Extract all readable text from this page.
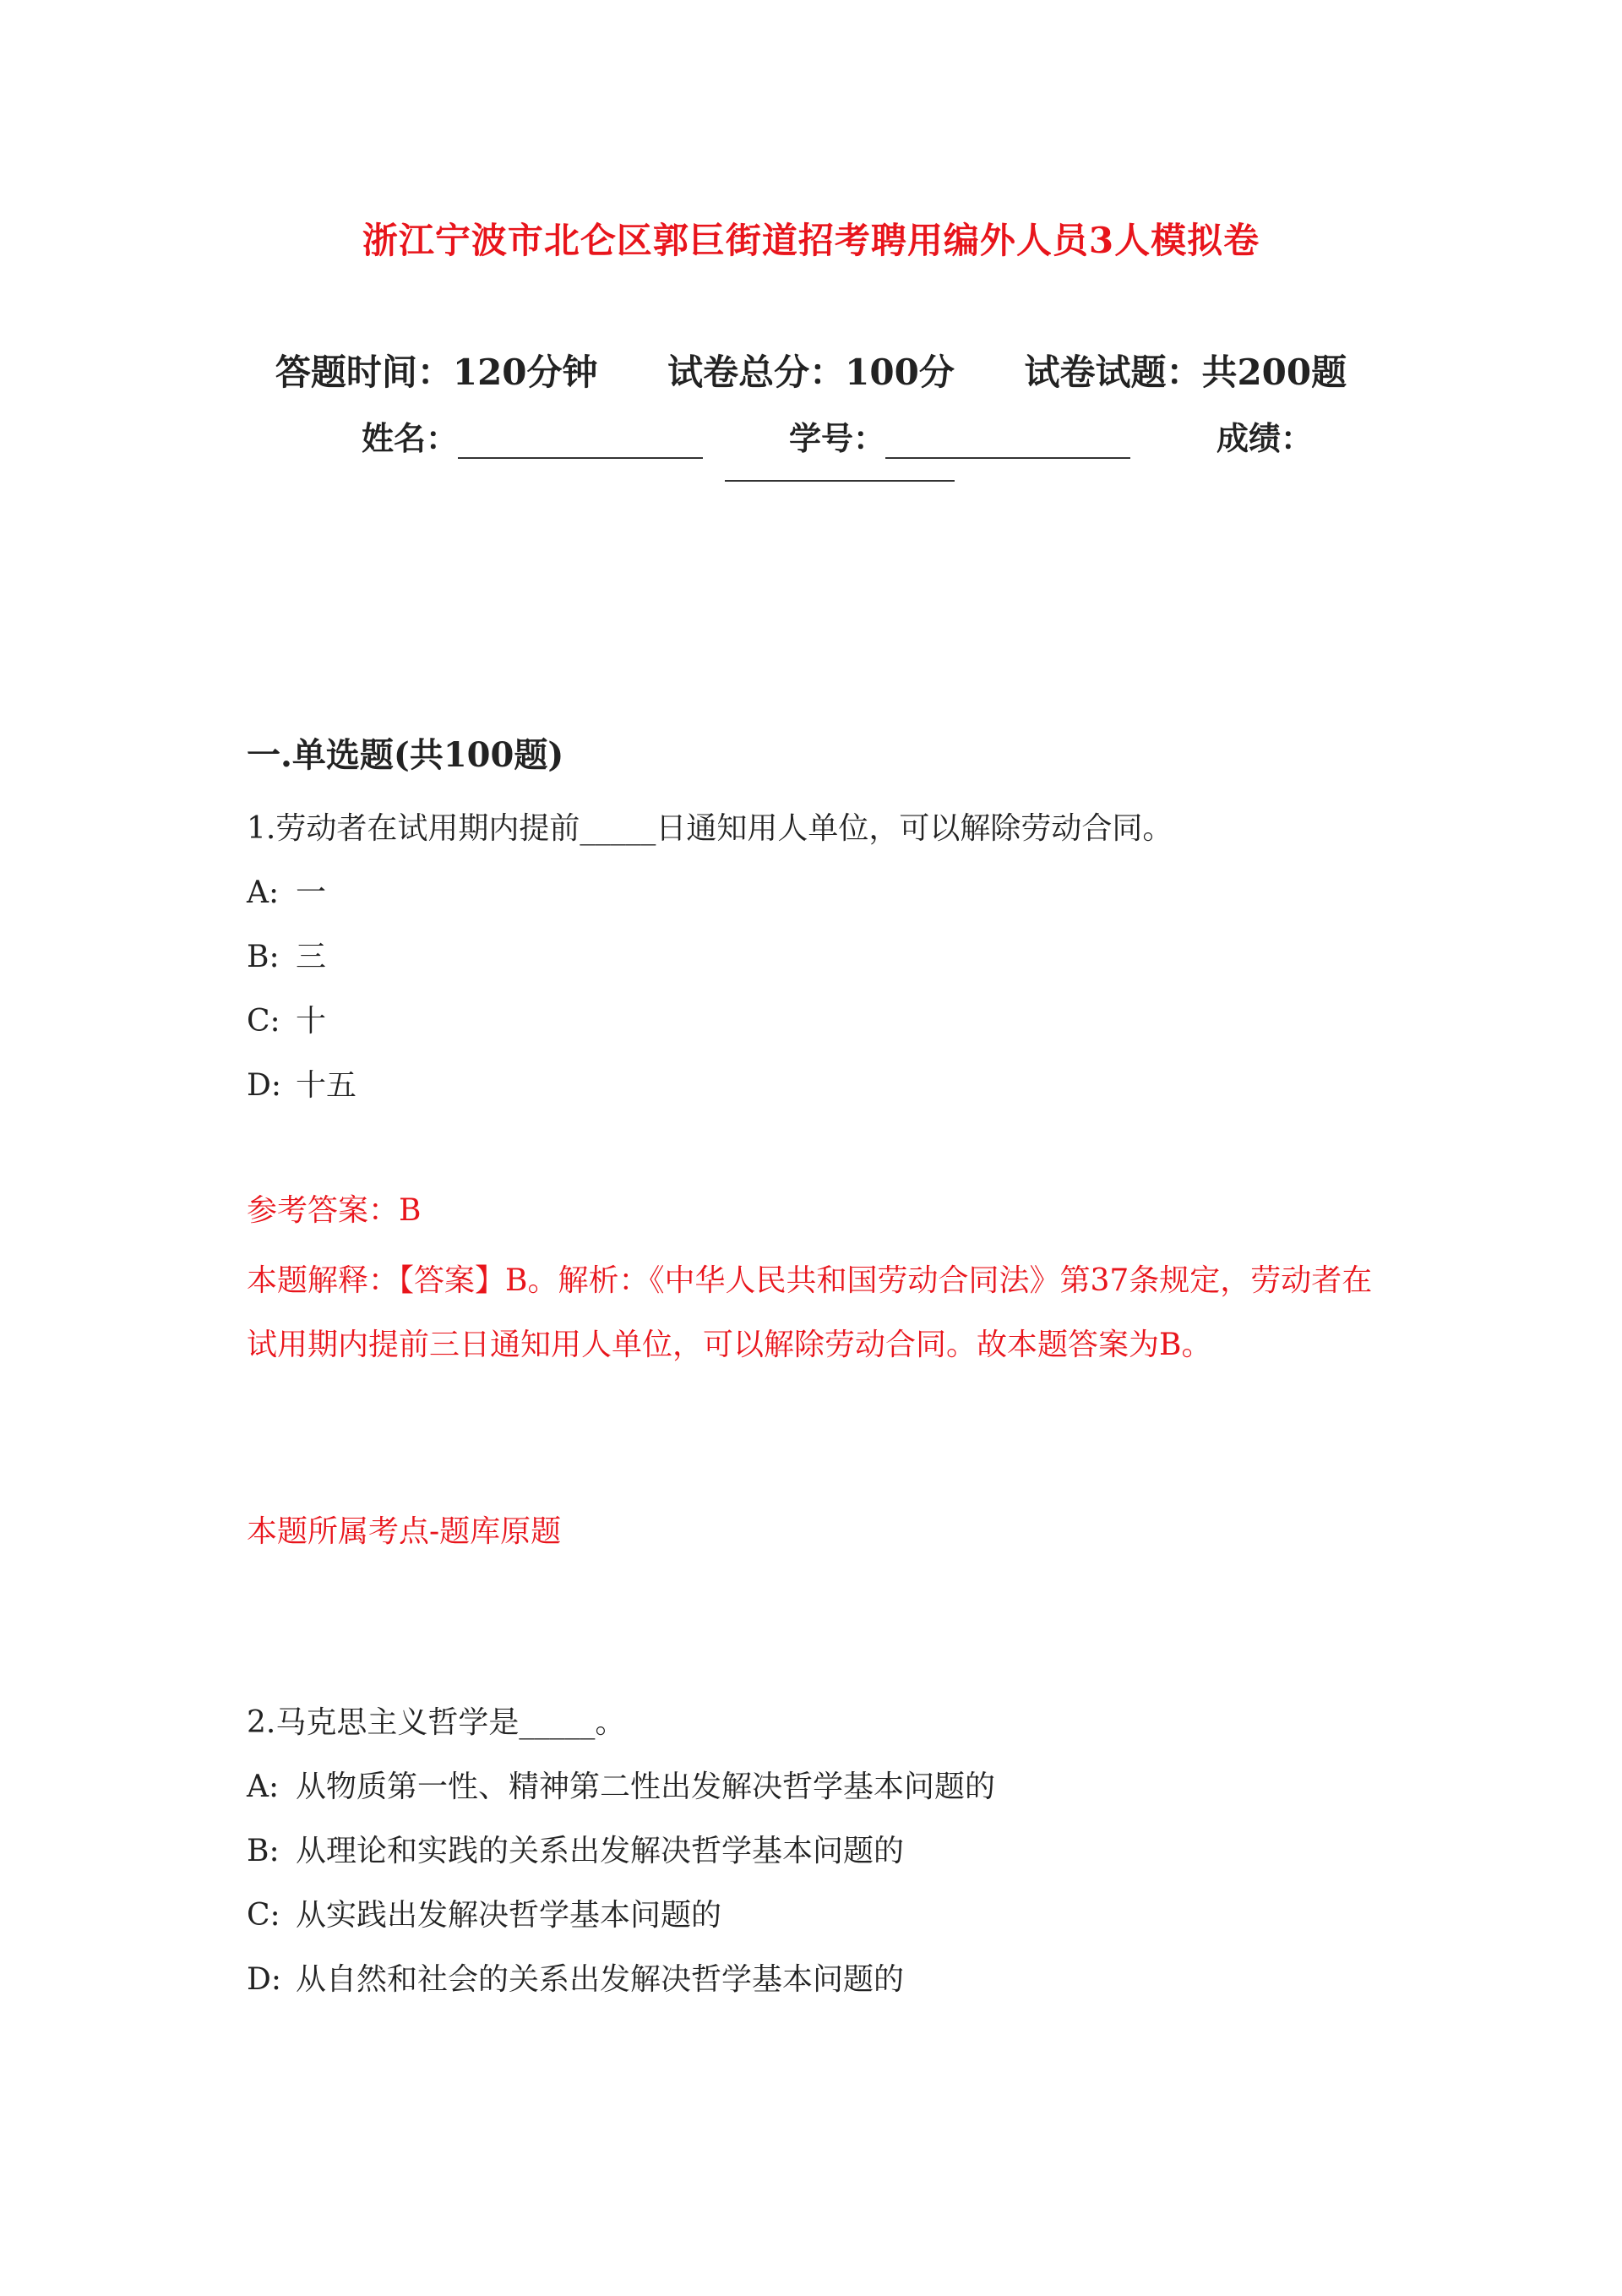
浙江宁波市北仑区郭巨街道招考聘用编外人员3人模拟卷
答题时间：120分钟 试卷总分：100分 试卷试题：共200题
姓名：	学号：	成绩：
一.单选题(共100题)
1.劳动者在试用期内提前_____日通知用人单位，可以解除劳动合同。
A: 一
B: 三
C: 十
D: 十五
参考答案：B
本题解释：【答案】B。解析：《中华人民共和国劳动合同法》第37条规定，劳动者在试用期内提前三日通知用人单位，可以解除劳动合同。故本题答案为B。
本题所属考点-题库原题
2.马克思主义哲学是_____。
A: 从物质第一性、精神第二性出发解决哲学基本问题的
B: 从理论和实践的关系出发解决哲学基本问题的
C: 从实践出发解决哲学基本问题的
D: 从自然和社会的关系出发解决哲学基本问题的
